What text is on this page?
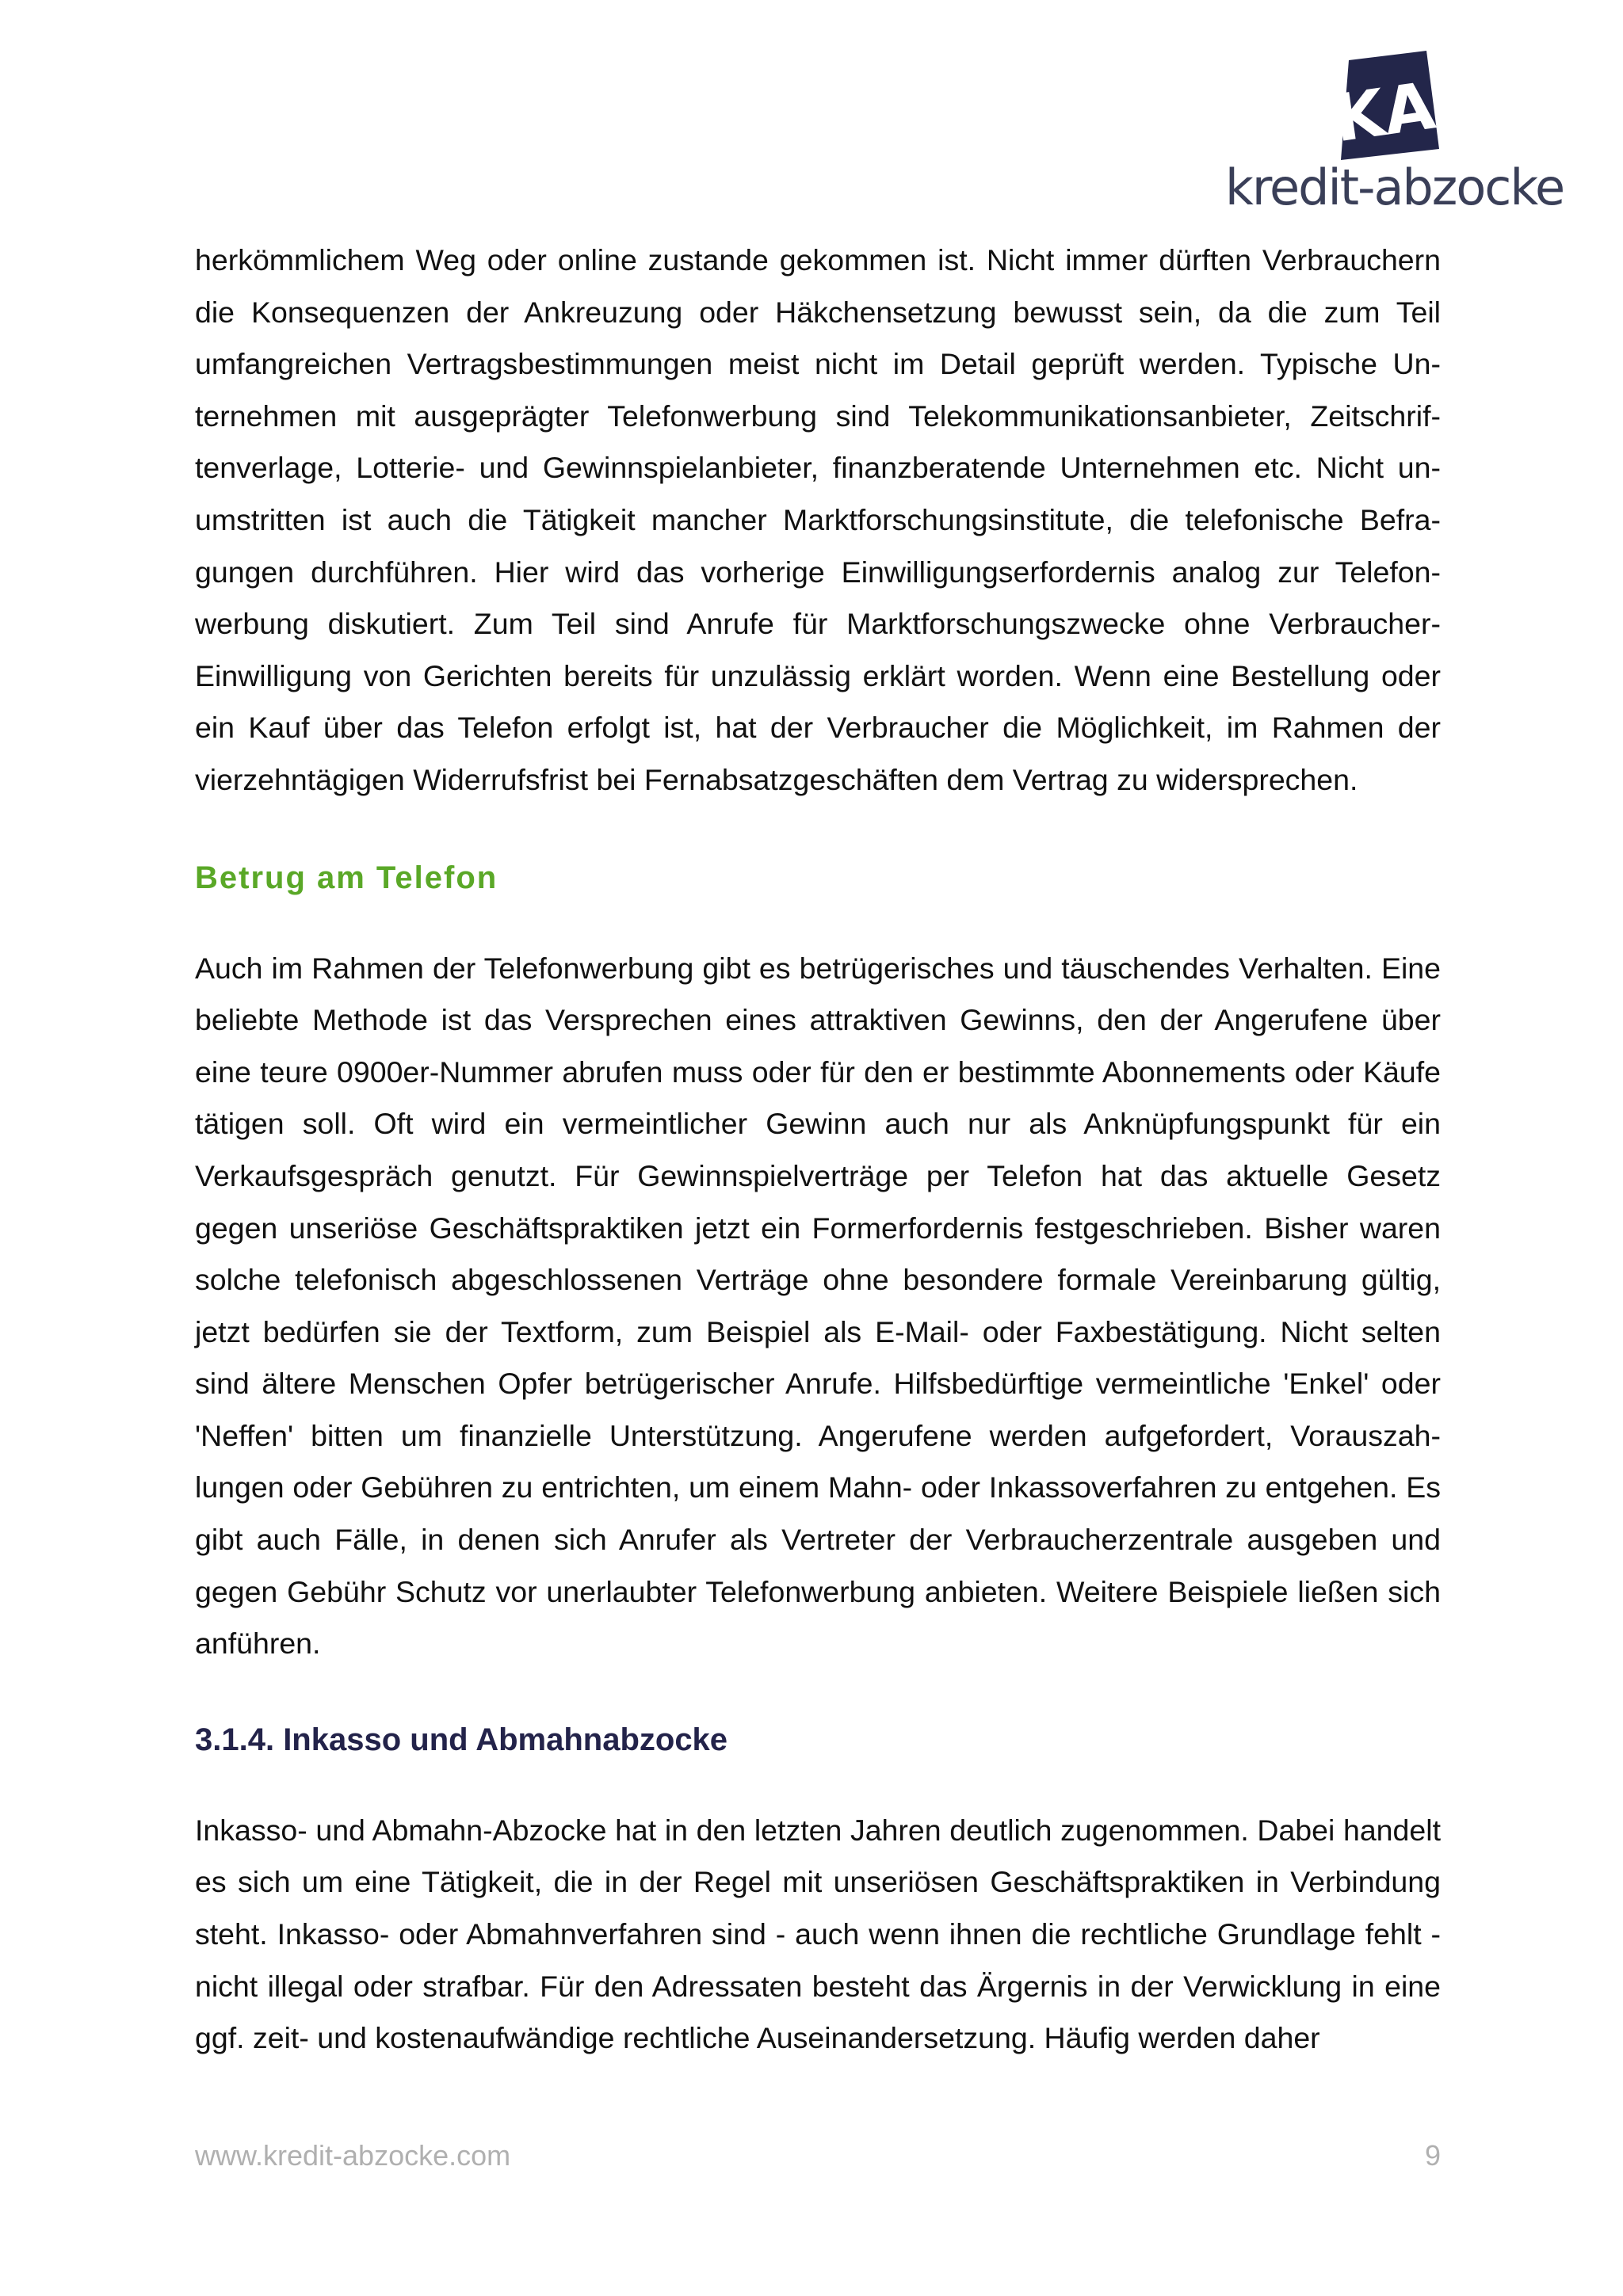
KA
kredit-abzocke

herkömmlichem Weg oder online zustande gekommen ist. Nicht immer dürften Verbrauchern die Konsequenzen der Ankreuzung oder Häkchensetzung bewusst sein, da die zum Teil umfangreichen Vertragsbestimmungen meist nicht im Detail geprüft werden. Typische Unternehmen mit ausgeprägter Telefonwerbung sind Telekommunikationsanbieter, Zeitschriftenverlage, Lotterie- und Gewinnspielanbieter, finanzberatende Unternehmen etc. Nicht unumstritten ist auch die Tätigkeit mancher Marktforschungsinstitute, die telefonische Befragungen durchführen. Hier wird das vorherige Einwilligungserfordernis analog zur Telefonwerbung diskutiert. Zum Teil sind Anrufe für Marktforschungszwecke ohne Verbraucher-Einwilligung von Gerichten bereits für unzulässig erklärt worden. Wenn eine Bestellung oder ein Kauf über das Telefon erfolgt ist, hat der Verbraucher die Möglichkeit, im Rahmen der vierzehntägigen Widerrufsfrist bei Fernabsatzgeschäften dem Vertrag zu widersprechen.

Betrug am Telefon

Auch im Rahmen der Telefonwerbung gibt es betrügerisches und täuschendes Verhalten. Eine beliebte Methode ist das Versprechen eines attraktiven Gewinns, den der Angerufene über eine teure 0900er-Nummer abrufen muss oder für den er bestimmte Abonnements oder Käufe tätigen soll. Oft wird ein vermeintlicher Gewinn auch nur als Anknüpfungspunkt für ein Verkaufsgespräch genutzt. Für Gewinnspielverträge per Telefon hat das aktuelle Gesetz gegen unseriöse Geschäftspraktiken jetzt ein Formerfordernis festgeschrieben. Bisher waren solche telefonisch abgeschlossenen Verträge ohne besondere formale Vereinbarung gültig, jetzt bedürfen sie der Textform, zum Beispiel als E-Mail- oder Faxbestätigung. Nicht selten sind ältere Menschen Opfer betrügerischer Anrufe. Hilfsbedürftige vermeintliche 'Enkel' oder 'Neffen' bitten um finanzielle Unterstützung. Angerufene werden aufgefordert, Vorauszahlungen oder Gebühren zu entrichten, um einem Mahn- oder Inkassoverfahren zu entgehen. Es gibt auch Fälle, in denen sich Anrufer als Vertreter der Verbraucherzentrale ausgeben und gegen Gebühr Schutz vor unerlaubter Telefonwerbung anbieten. Weitere Beispiele ließen sich anführen.

3.1.4. Inkasso und Abmahnabzocke

Inkasso- und Abmahn-Abzocke hat in den letzten Jahren deutlich zugenommen. Dabei handelt es sich um eine Tätigkeit, die in der Regel mit unseriösen Geschäftspraktiken in Verbindung steht. Inkasso- oder Abmahnverfahren sind - auch wenn ihnen die rechtliche Grundlage fehlt - nicht illegal oder strafbar. Für den Adressaten besteht das Ärgernis in der Verwicklung in eine ggf. zeit- und kostenaufwändige rechtliche Auseinandersetzung. Häufig werden daher

www.kredit-abzocke.com	9
